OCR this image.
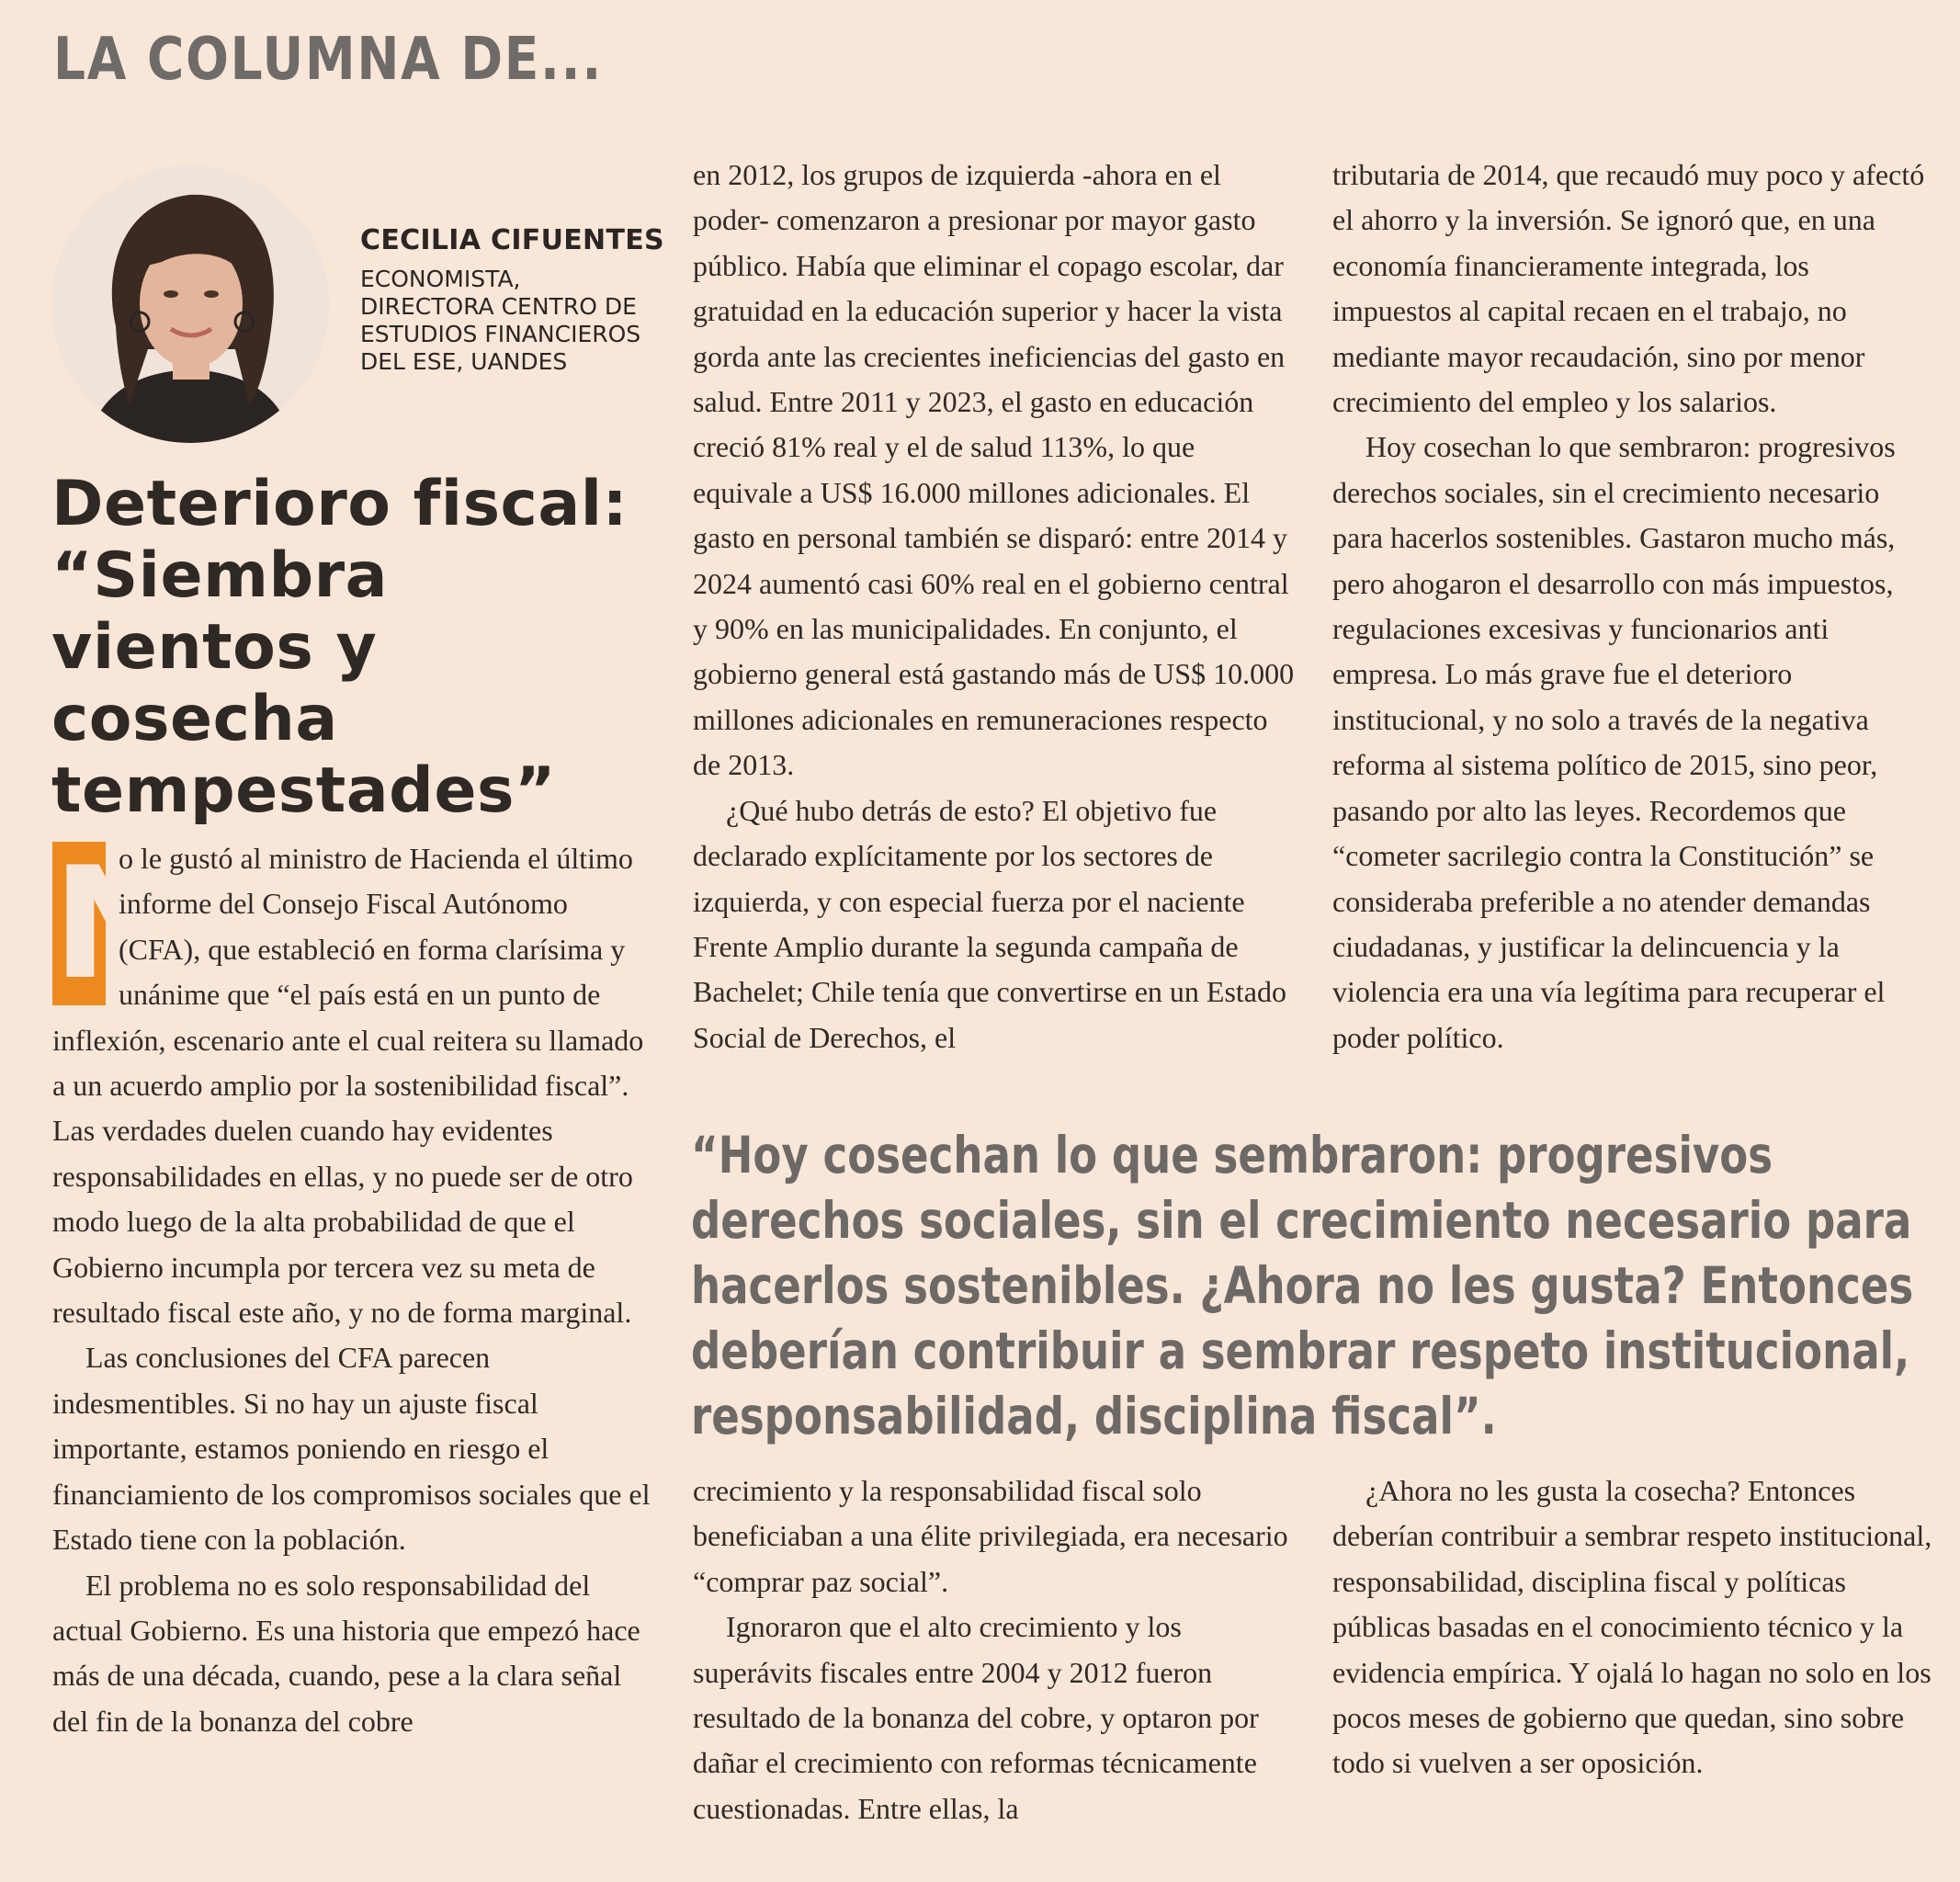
LA COLUMNA DE...

CECILIA CIFUENTES

ECONOMISTA,
DIRECTORA CENTRO DE
ESTUDIOS FINANCIEROS
DEL ESE, UANDES

Deterioro fiscal: “Siembra vientos y cosecha tempestades”

N
o le gustó al ministro de Hacienda el último informe del Consejo Fiscal Autónomo (CFA), que estableció en forma clarísima y unánime que “el país está en un punto de inflexión, escenario ante el cual reitera su llamado a un acuerdo amplio por la sostenibilidad fiscal”. Las verdades duelen cuando hay evidentes responsabilidades en ellas, y no puede ser de otro modo luego de la alta probabilidad de que el Gobierno incumpla por tercera vez su meta de resultado fiscal este año, y no de forma marginal.

Las conclusiones del CFA parecen indesmentibles. Si no hay un ajuste fiscal importante, estamos poniendo en riesgo el financiamiento de los compromisos sociales que el Estado tiene con la población.

El problema no es solo responsabilidad del actual Gobierno. Es una historia que empezó hace más de una década, cuando, pese a la clara señal del fin de la bonanza del cobre

en 2012, los grupos de izquierda -ahora en el poder- comenzaron a presionar por mayor gasto público. Había que eliminar el copago escolar, dar gratuidad en la educación superior y hacer la vista gorda ante las crecientes ineficiencias del gasto en salud. Entre 2011 y 2023, el gasto en educación creció 81% real y el de salud 113%, lo que equivale a US$ 16.000 millones adicionales. El gasto en personal también se disparó: entre 2014 y 2024 aumentó casi 60% real en el gobierno central y 90% en las municipalidades. En conjunto, el gobierno general está gastando más de US$ 10.000 millones adicionales en remuneraciones respecto de 2013.

¿Qué hubo detrás de esto? El objetivo fue declarado explícitamente por los sectores de izquierda, y con especial fuerza por el naciente Frente Amplio durante la segunda campaña de Bachelet; Chile tenía que convertirse en un Estado Social de Derechos, el

tributaria de 2014, que recaudó muy poco y afectó el ahorro y la inversión. Se ignoró que, en una economía financieramente integrada, los impuestos al capital recaen en el trabajo, no mediante mayor recaudación, sino por menor crecimiento del empleo y los salarios.

Hoy cosechan lo que sembraron: progresivos derechos sociales, sin el crecimiento necesario para hacerlos sostenibles. Gastaron mucho más, pero ahogaron el desarrollo con más impuestos, regulaciones excesivas y funcionarios anti empresa. Lo más grave fue el deterioro institucional, y no solo a través de la negativa reforma al sistema político de 2015, sino peor, pasando por alto las leyes. Recordemos que “cometer sacrilegio contra la Constitución” se consideraba preferible a no atender demandas ciudadanas, y justificar la delincuencia y la violencia era una vía legítima para recuperar el poder político.

“Hoy cosechan lo que sembraron: progresivos derechos sociales, sin el crecimiento necesario para hacerlos sostenibles. ¿Ahora no les gusta? Entonces deberían contribuir a sembrar respeto institucional, responsabilidad, disciplina fiscal”.

crecimiento y la responsabilidad fiscal solo beneficiaban a una élite privilegiada, era necesario “comprar paz social”.

Ignoraron que el alto crecimiento y los superávits fiscales entre 2004 y 2012 fueron resultado de la bonanza del cobre, y optaron por dañar el crecimiento con reformas técnicamente cuestionadas. Entre ellas, la

¿Ahora no les gusta la cosecha? Entonces deberían contribuir a sembrar respeto institucional, responsabilidad, disciplina fiscal y políticas públicas basadas en el conocimiento técnico y la evidencia empírica. Y ojalá lo hagan no solo en los pocos meses de gobierno que quedan, sino sobre todo si vuelven a ser oposición.
